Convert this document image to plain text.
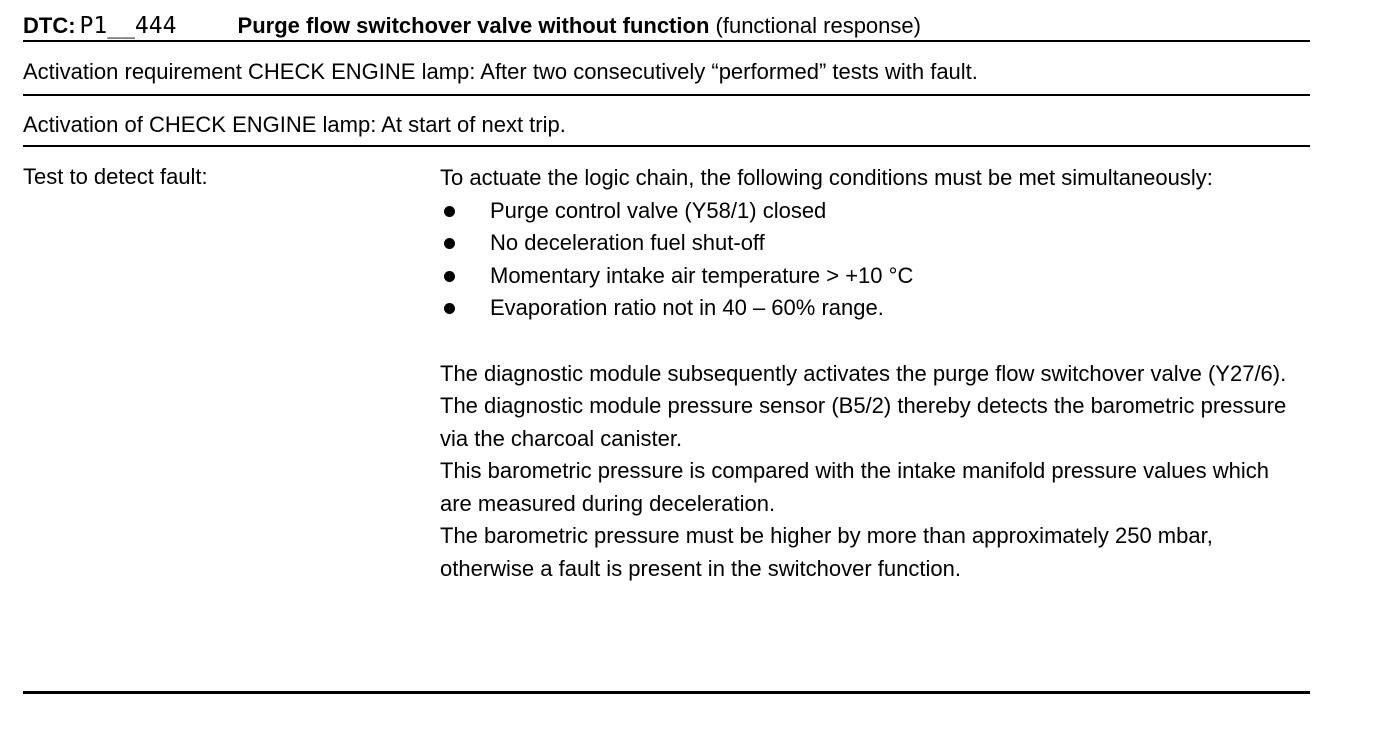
DTC: P1__444	Purge flow switchover valve without function (functional response)
Activation requirement CHECK ENGINE lamp: After two consecutively “performed” tests with fault.
Activation of CHECK ENGINE lamp: At start of next trip.
Test to detect fault:	To actuate the logic chain, the following conditions must be met simultaneously:

Purge control valve (Y58/1) closed
No deceleration fuel shut-off
Momentary intake air temperature > +10 °C
Evaporation ratio not in 40 – 60% range.

The diagnostic module subsequently activates the purge flow switchover valve (Y27/6). The diagnostic module pressure sensor (B5/2) thereby detects the barometric pressure via the charcoal canister.

This barometric pressure is compared with the intake manifold pressure values which are measured during deceleration.

The barometric pressure must be higher by more than approximately 250 mbar, otherwise a fault is present in the switchover function.
